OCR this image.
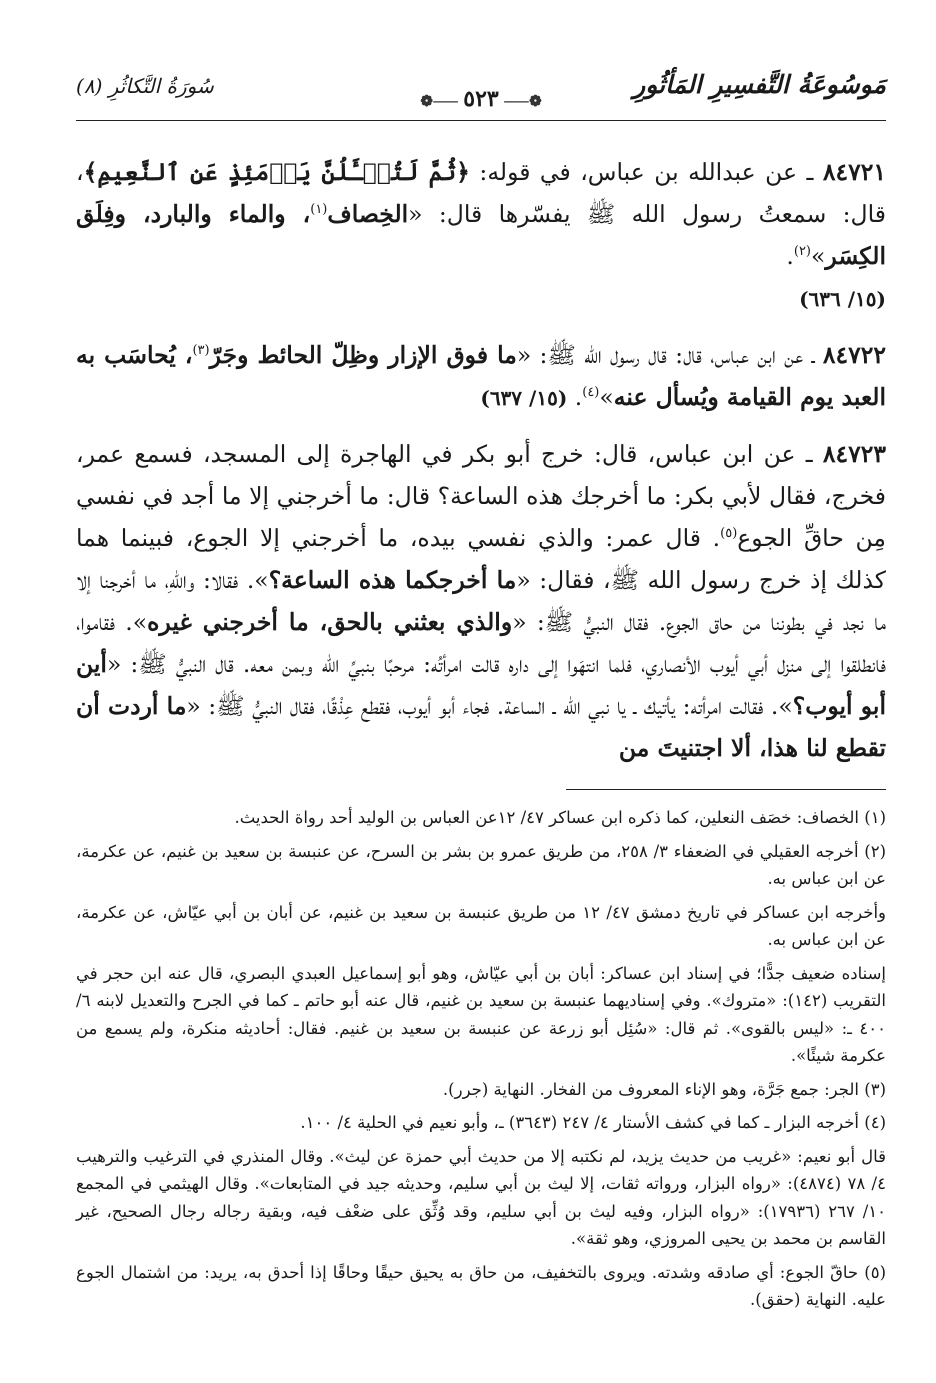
مَوسُوعَةُ التَّفسِيرِ المَأثُورِ
❁⸺٥٢٣⸺❁
سُورَةُ التَّكاثُرِ (٨)

٨٤٧٢١ ـ عن عبدالله بن عباس، في قوله: ﴿ثُمَّ لَتُسۡـَٔلُنَّ يَوۡمَئِذٍ عَنِ ٱلنَّعِيمِ﴾، قال: سمعتُ رسول الله ﷺ يفسّرها قال: «الخِصاف$^{(١)}$، والماء والبارد، وفِلَق الكِسَر»$^{(٢)}$.
(١٥/ ٦٣٦)

٨٤٧٢٢ ـ عن ابن عباس، قال: قال رسول الله ﷺ: «ما فوق الإزار وظِلّ الحائط وجَرّ$^{(٣)}$، يُحاسَب به العبد يوم القيامة ويُسأل عنه»$^{(٤)}$. (١٥/ ٦٣٧)

٨٤٧٢٣ ـ عن ابن عباس، قال: خرج أبو بكر في الهاجرة إلى المسجد، فسمع عمر، فخرج، فقال لأبي بكر: ما أخرجك هذه الساعة؟ قال: ما أخرجني إلا ما أجد في نفسي مِن حاقِّ الجوع$^{(٥)}$. قال عمر: والذي نفسي بيده، ما أخرجني إلا الجوع، فبينما هما كذلك إذ خرج رسول الله ﷺ، فقال: «ما أخرجكما هذه الساعة؟». فقالا: واللهِ، ما أخرجنا إلا ما نجد في بطوننا من حاق الجوع. فقال النبيُّ ﷺ: «والذي بعثني بالحق، ما أخرجني غيره». فقاموا، فانطلقوا إلى منزل أبي أيوب الأنصاري، فلما انتهَوا إلى داره قالت امرأتُه: مرحبًا بنبيِّ الله وبمن معه. قال النبيُّ ﷺ: «أين أبو أيوب؟». فقالت امرأته: يأتيك ـ يا نبي الله ـ الساعة. فجاء أبو أيوب، فقطع عِذْقًا، فقال النبيُّ ﷺ: «ما أردت أن تقطع لنا هذا، ألا اجتنيتَ من

(١) الخصاف: خصَف النعلين، كما ذكره ابن عساكر ٤٧/ ١٢عن العباس بن الوليد أحد رواة الحديث.

(٢) أخرجه العقيلي في الضعفاء ٣/ ٢٥٨، من طريق عمرو بن بشر بن السرح، عن عنبسة بن سعيد بن غنيم، عن عكرمة، عن ابن عباس به.

وأخرجه ابن عساكر في تاريخ دمشق ٤٧/ ١٢ من طريق عنبسة بن سعيد بن غنيم، عن أبان بن أبي عيّاش، عن عكرمة، عن ابن عباس به.

إسناده ضعيف جدًّا؛ في إسناد ابن عساكر: أبان بن أبي عيّاش، وهو أبو إسماعيل العبدي البصري، قال عنه ابن حجر في التقريب (١٤٢): «متروك». وفي إسناديهما عنبسة بن سعيد بن غنيم، قال عنه أبو حاتم ـ كما في الجرح والتعديل لابنه ٦/ ٤٠٠ ـ: «ليس بالقوى». ثم قال: «سُئِل أبو زرعة عن عنبسة بن سعيد بن غنيم. فقال: أحاديثه منكرة، ولم يسمع من عكرمة شيئًا».

(٣) الجر: جمع جَرَّة، وهو الإناء المعروف من الفخار. النهاية (جرر).

(٤) أخرجه البزار ـ كما في كشف الأستار ٤/ ٢٤٧ (٣٦٤٣) ـ، وأبو نعيم في الحلية ٤/ ١٠٠.

قال أبو نعيم: «غريب من حديث يزيد، لم نكتبه إلا من حديث أبي حمزة عن ليث». وقال المنذري في الترغيب والترهيب ٤/ ٧٨ (٤٨٧٤): «رواه البزار، ورواته ثقات، إلا ليث بن أبي سليم، وحديثه جيد في المتابعات». وقال الهيثمي في المجمع ١٠/ ٢٦٧ (١٧٩٣٦): «رواه البزار، وفيه ليث بن أبي سليم، وقد وُثِّق على ضعْف فيه، وبقية رجاله رجال الصحيح، غير القاسم بن محمد بن يحيى المروزي، وهو ثقة».

(٥) حاقّ الجوع: أي صادقه وشدته. ويروى بالتخفيف، من حاق به يحيق حيقًا وحاقًا إذا أحدق به، يريد: من اشتمال الجوع عليه. النهاية (حقق).
